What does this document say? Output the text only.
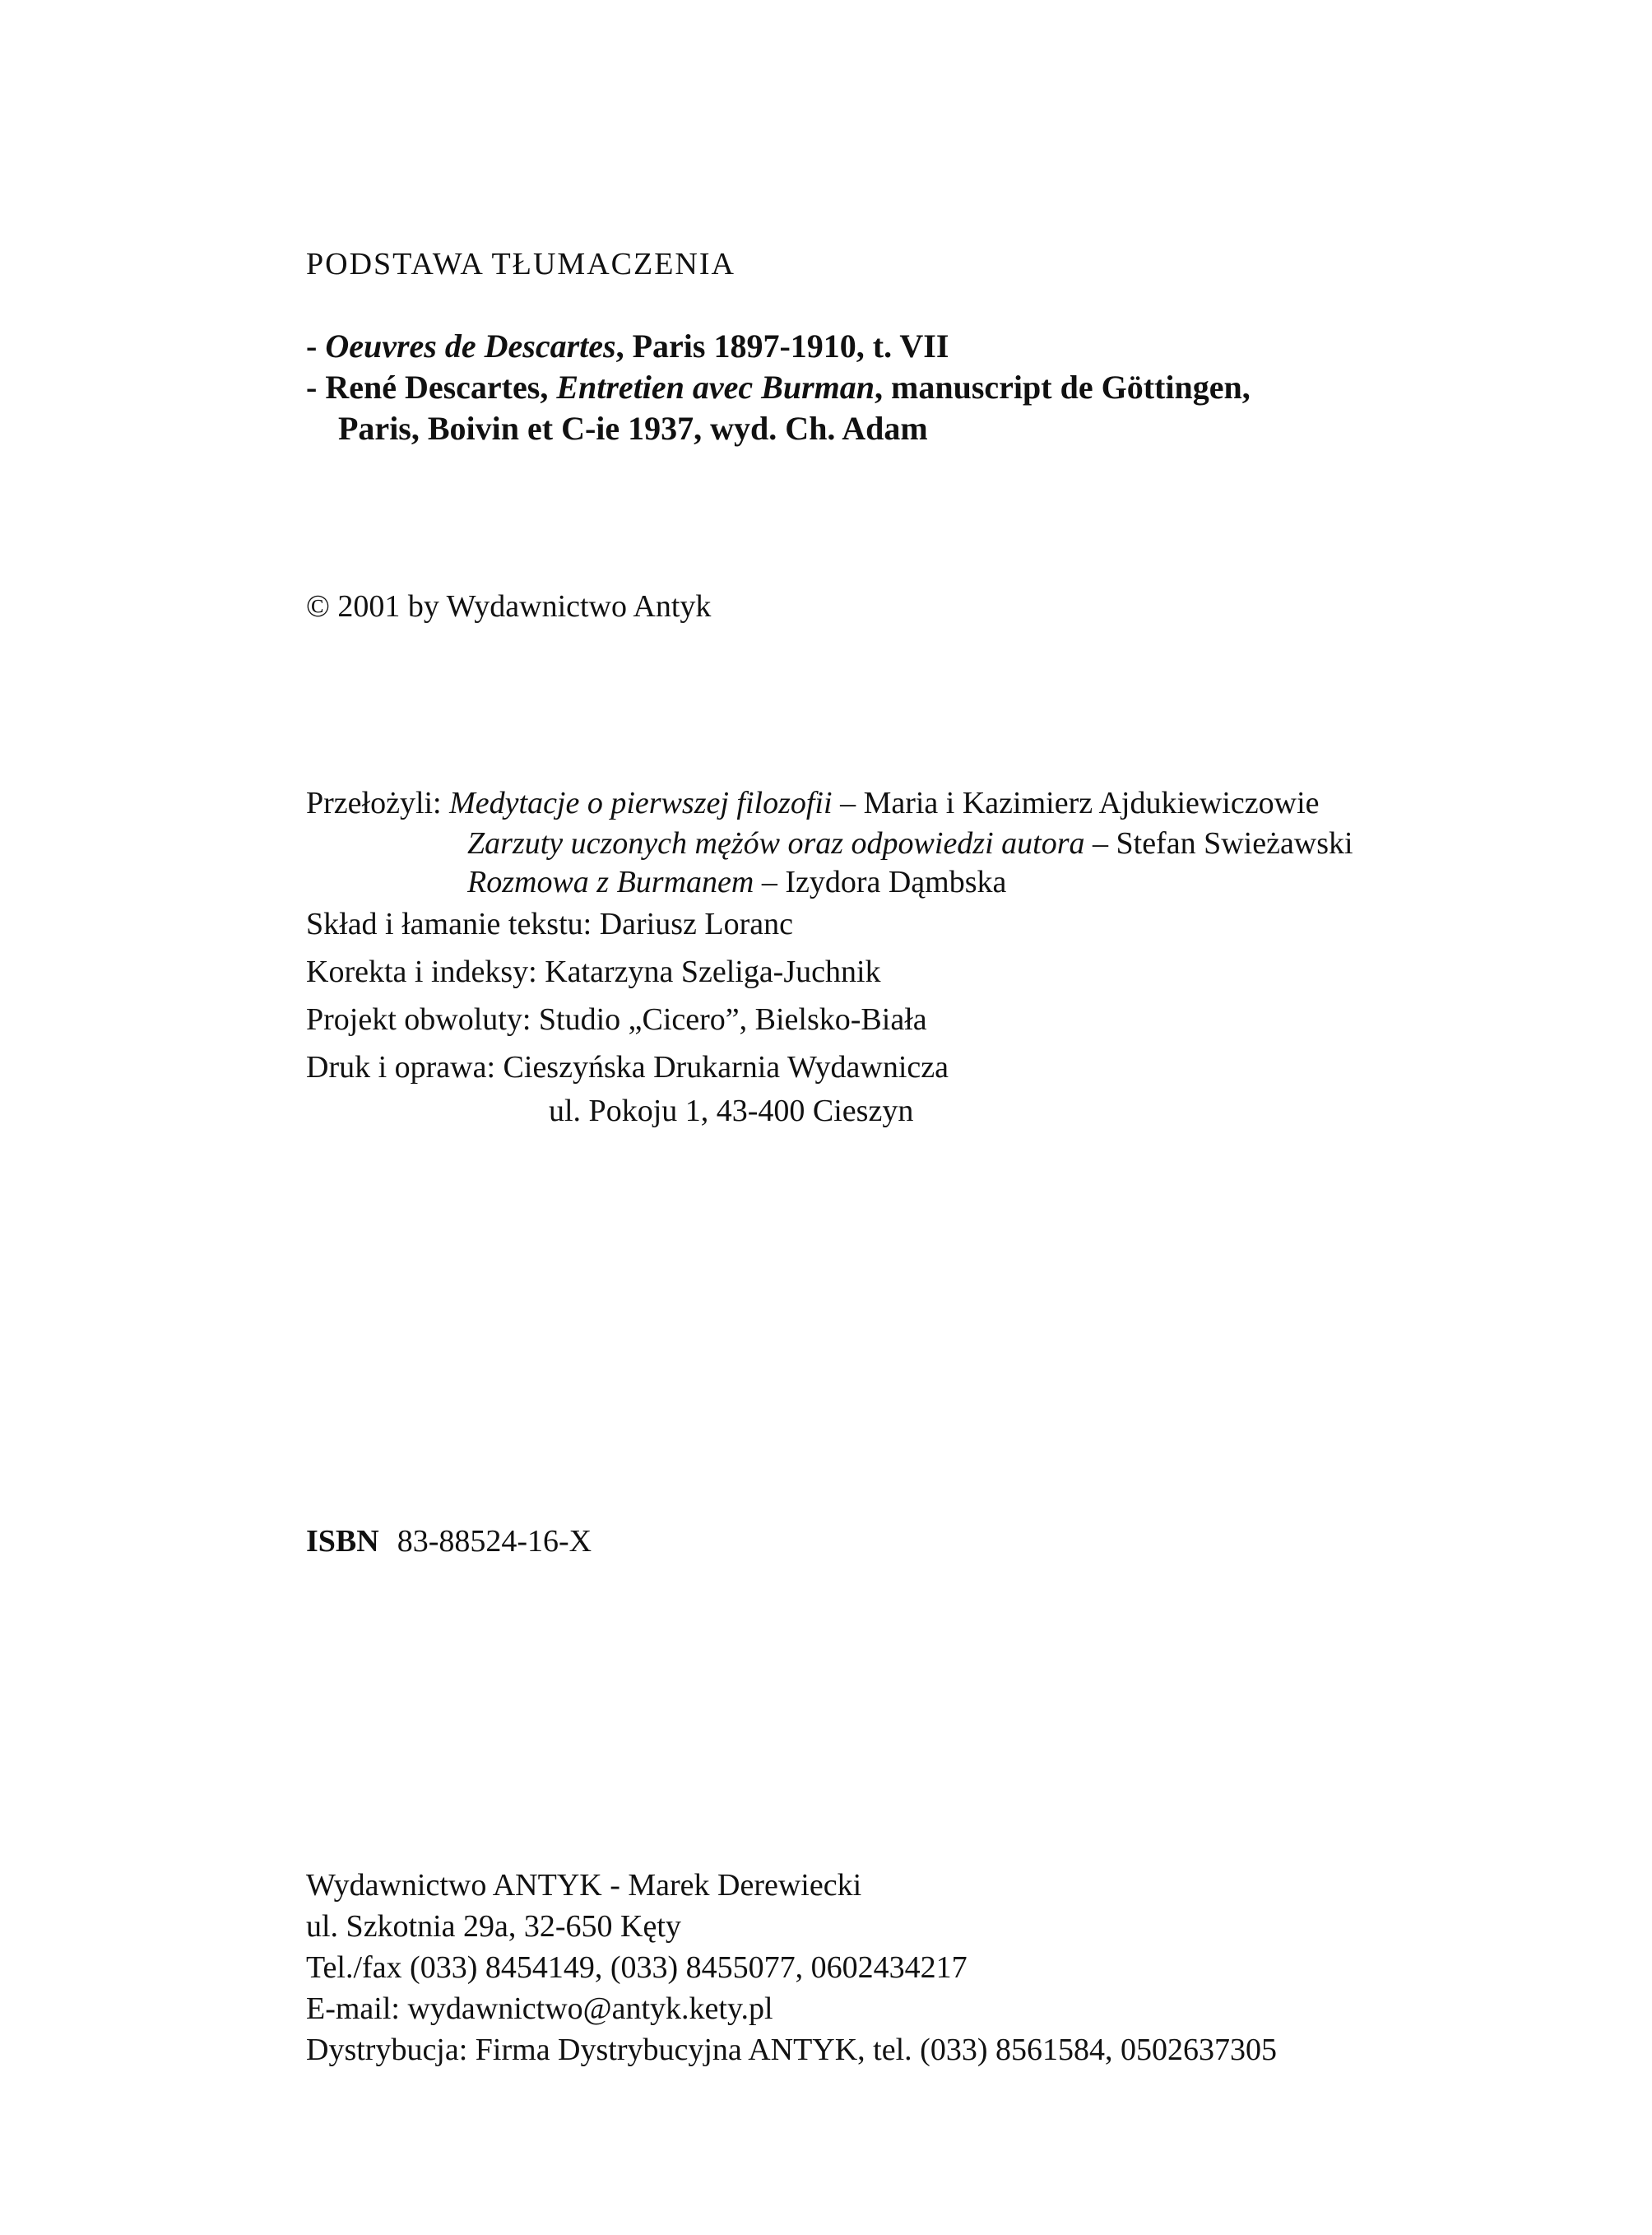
PODSTAWA TŁUMACZENIA
- Oeuvres de Descartes, Paris 1897-1910, t. VII
- René Descartes, Entretien avec Burman, manuscript de Göttingen,
Paris, Boivin et C-ie 1937, wyd. Ch. Adam
© 2001 by Wydawnictwo Antyk
Przełożyli: Medytacje o pierwszej filozofii – Maria i Kazimierz Ajdukiewiczowie
Zarzuty uczonych mężów oraz odpowiedzi autora – Stefan Swieżawski
Rozmowa z Burmanem – Izydora Dąmbska
Skład i łamanie tekstu: Dariusz Loranc
Korekta i indeksy: Katarzyna Szeliga-Juchnik
Projekt obwoluty: Studio „Cicero”, Bielsko-Biała
Druk i oprawa: Cieszyńska Drukarnia Wydawnicza
ul. Pokoju 1, 43-400 Cieszyn
ISBN 83-88524-16-X
Wydawnictwo ANTYK - Marek Derewiecki
ul. Szkotnia 29a, 32-650 Kęty
Tel./fax (033) 8454149, (033) 8455077, 0602434217
E-mail: wydawnictwo@antyk.kety.pl
Dystrybucja: Firma Dystrybucyjna ANTYK, tel. (033) 8561584, 0502637305
